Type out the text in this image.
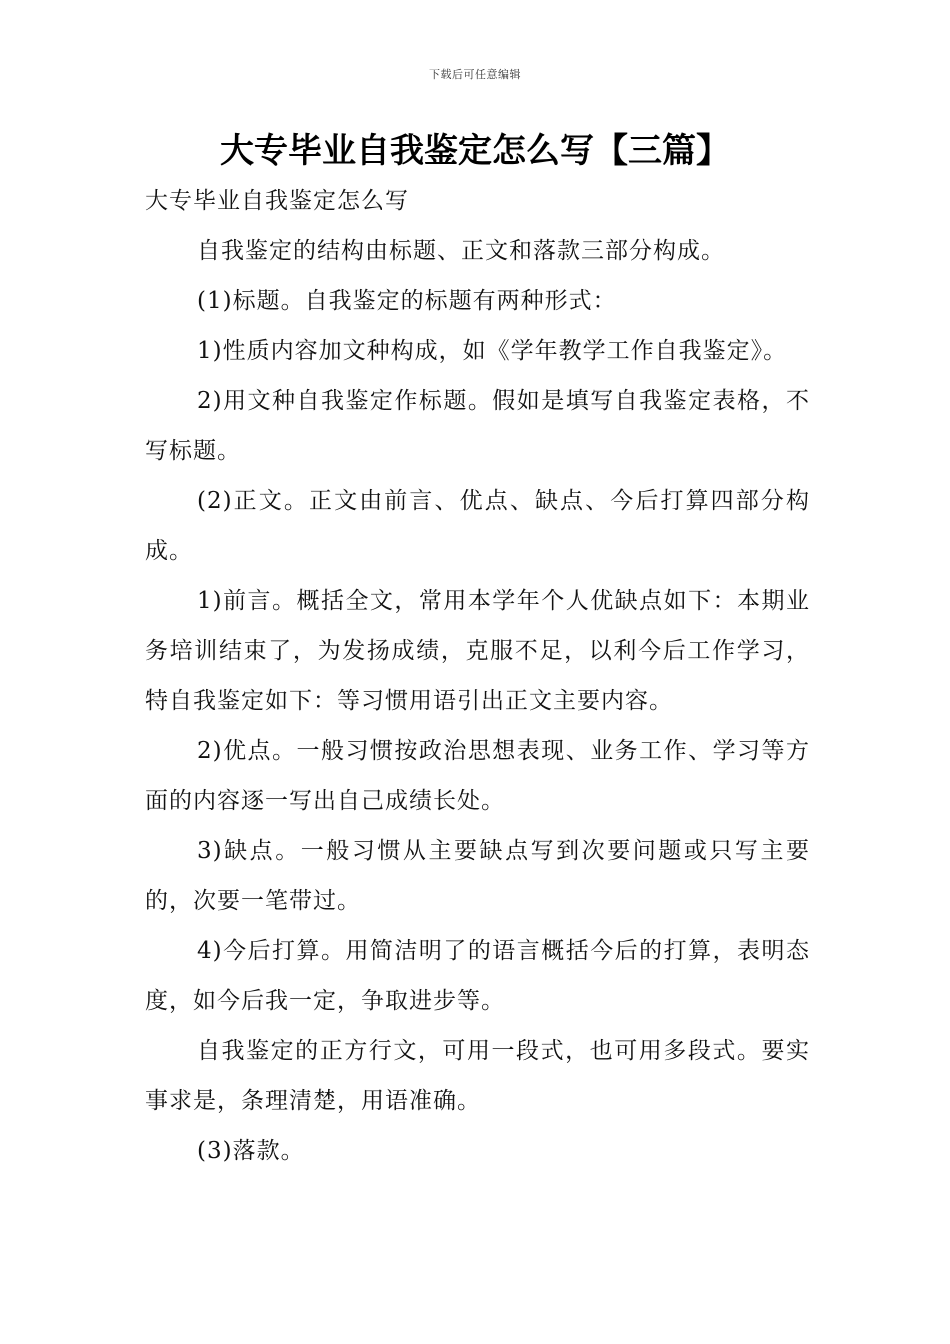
下载后可任意编辑
大专毕业自我鉴定怎么写【三篇】

大专毕业自我鉴定怎么写

自我鉴定的结构由标题、正文和落款三部分构成。

(1)标题。自我鉴定的标题有两种形式：

1)性质内容加文种构成，如《学年教学工作自我鉴定》。

2)用文种自我鉴定作标题。假如是填写自我鉴定表格，不写标题。

(2)正文。正文由前言、优点、缺点、今后打算四部分构成。

1)前言。概括全文，常用本学年个人优缺点如下：本期业务培训结束了，为发扬成绩，克服不足，以利今后工作学习，特自我鉴定如下：等习惯用语引出正文主要内容。

2)优点。一般习惯按政治思想表现、业务工作、学习等方面的内容逐一写出自己成绩长处。

3)缺点。一般习惯从主要缺点写到次要问题或只写主要的，次要一笔带过。

4)今后打算。用简洁明了的语言概括今后的打算，表明态度，如今后我一定，争取进步等。

自我鉴定的正方行文，可用一段式，也可用多段式。要实事求是，条理清楚，用语准确。

(3)落款。
